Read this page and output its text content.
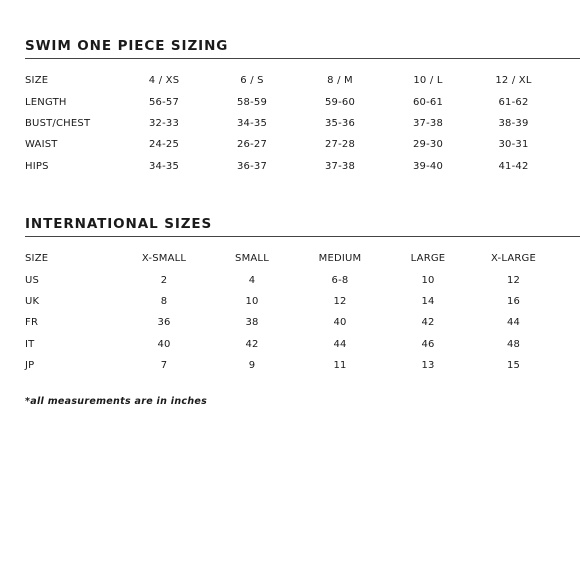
SWIM ONE PIECE SIZING
SIZE	4 / XS	6 / S	8 / M	10 / L	12 / XL
LENGTH	56-57	58-59	59-60	60-61	61-62
BUST/CHEST	32-33	34-35	35-36	37-38	38-39
WAIST	24-25	26-27	27-28	29-30	30-31
HIPS	34-35	36-37	37-38	39-40	41-42
INTERNATIONAL SIZES
SIZE	X-SMALL	SMALL	MEDIUM	LARGE	X-LARGE
US	2	4	6-8	10	12
UK	8	10	12	14	16
FR	36	38	40	42	44
IT	40	42	44	46	48
JP	7	9	11	13	15
*all measurements are in inches
